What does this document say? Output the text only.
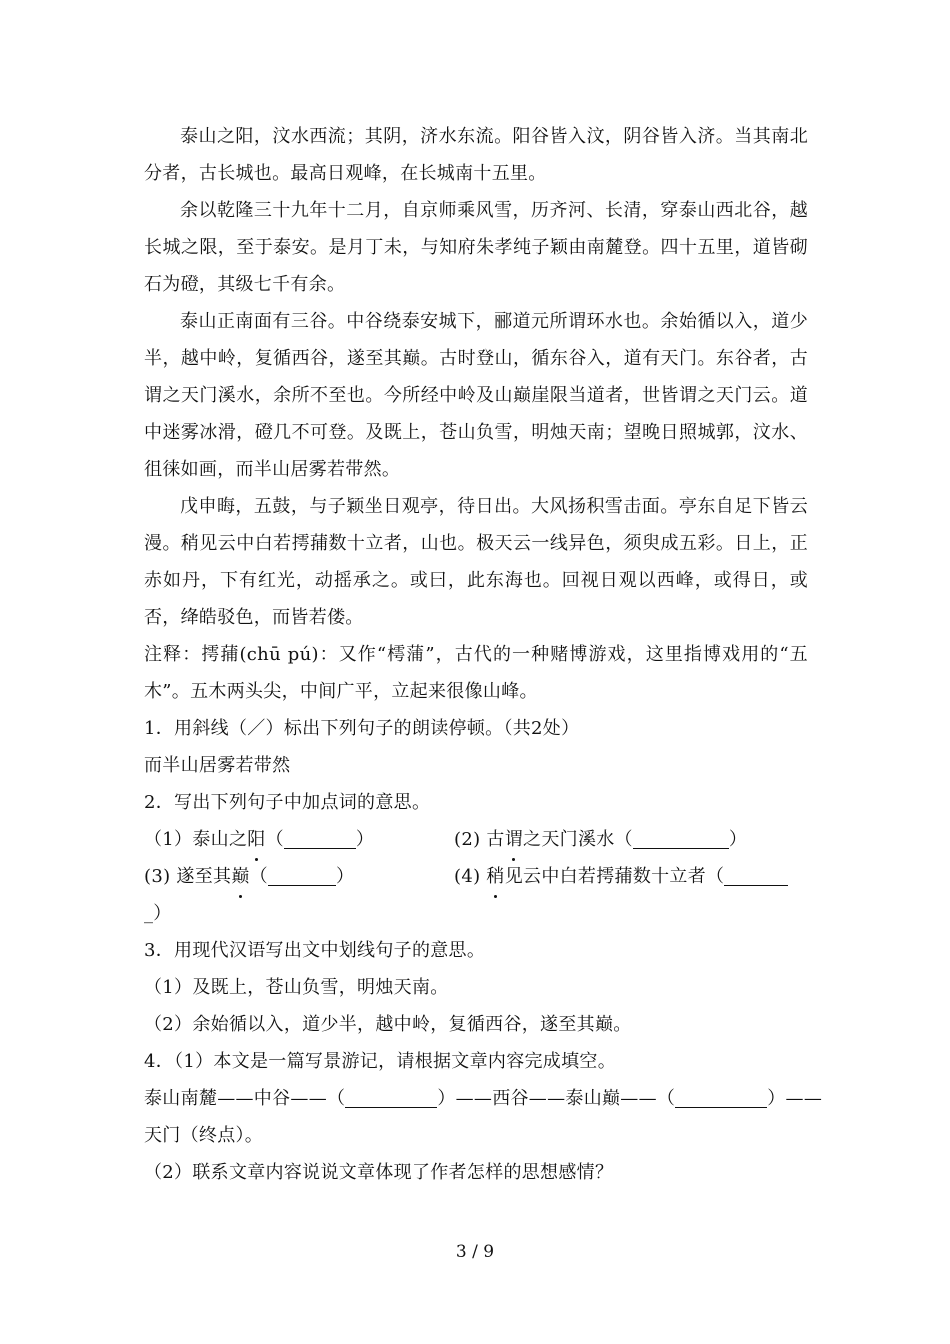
泰山之阳，汶水西流；其阴，济水东流。阳谷皆入汶，阴谷皆入济。当其南北分者，古长城也。最高日观峰，在长城南十五里。

余以乾隆三十九年十二月，自京师乘风雪，历齐河、长清，穿泰山西北谷，越长城之限，至于泰安。是月丁未，与知府朱孝纯子颖由南麓登。四十五里，道皆砌石为磴，其级七千有余。

泰山正南面有三谷。中谷绕泰安城下，郦道元所谓环水也。余始循以入，道少半，越中岭，复循西谷，遂至其巅。古时登山，循东谷入，道有天门。东谷者，古谓之天门溪水，余所不至也。今所经中岭及山巅崖限当道者，世皆谓之天门云。道中迷雾冰滑，磴几不可登。及既上，苍山负雪，明烛天南；望晚日照城郭，汶水、徂徕如画，而半山居雾若带然。

戊申晦，五鼓，与子颖坐日观亭，待日出。大风扬积雪击面。亭东自足下皆云漫。稍见云中白若摴蒱数十立者，山也。极天云一线异色，须臾成五彩。日上，正赤如丹，下有红光，动摇承之。或曰，此东海也。回视日观以西峰，或得日，或否，绛皓驳色，而皆若偻。

注释：摴蒱(chū pú)：又作“樗蒲”，古代的一种赌博游戏，这里指博戏用的“五木”。五木两头尖，中间广平，立起来很像山峰。

1．用斜线（／）标出下列句子的朗读停顿。（共2处）

而半山居雾若带然

2．写出下列句子中加点词的意思。

（1）泰山之阳（	）	(2) 古谓之天门溪水（	）
(3) 遂至其巅（	）	(4) 稍见云中白若摴蒱数十立者（

_）

3．用现代汉语写出文中划线句子的意思。

（1）及既上，苍山负雪，明烛天南。

（2）余始循以入，道少半，越中岭，复循西谷，遂至其巅。

4．（1）本文是一篇写景游记，请根据文章内容完成填空。

泰山南麓——中谷——（	）——西谷——泰山巅——（	）——

天门（终点）。

（2）联系文章内容说说文章体现了作者怎样的思想感情？

3 / 9
